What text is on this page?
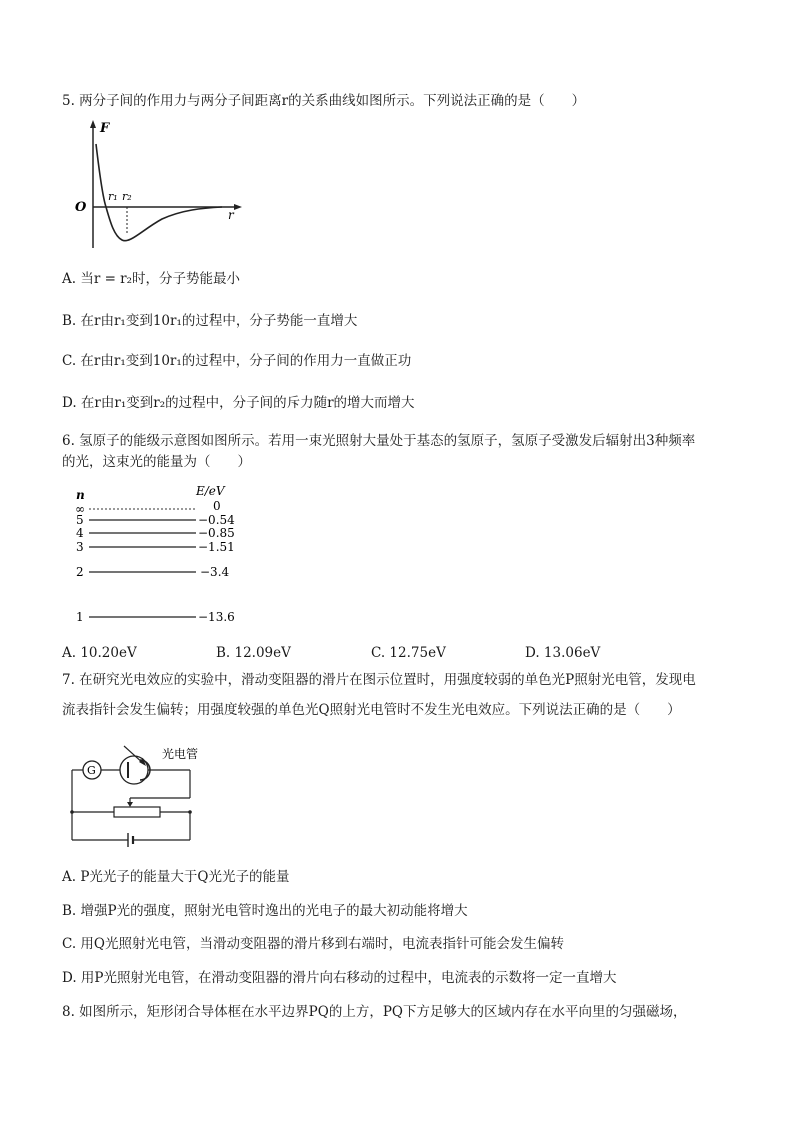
5. 两分子间的作用力与两分子间距离r的关系曲线如图所示。下列说法正确的是（　　）
F
r
O
r₁ r₂
A. 当r = r₂时，分子势能最小
B. 在r由r₁变到10r₁的过程中，分子势能一直增大
C. 在r由r₁变到10r₁的过程中，分子间的作用力一直做正功
D. 在r由r₁变到r₂的过程中，分子间的斥力随r的增大而增大
6. 氢原子的能级示意图如图所示。若用一束光照射大量处于基态的氢原子，氢原子受激发后辐射出3种频率
的光，这束光的能量为（　　）
n	E/eV
∞	0
5	−0.54
4	−0.85
3	−1.51
2	−3.4
1	−13.6
A. 10.20eV	B. 12.09eV	C. 12.75eV	D. 13.06eV
7. 在研究光电效应的实验中，滑动变阻器的滑片在图示位置时，用强度较弱的单色光P照射光电管，发现电
流表指针会发生偏转；用强度较强的单色光Q照射光电管时不发生光电效应。下列说法正确的是（　　）
G
光电管
A. P光光子的能量大于Q光光子的能量
B. 增强P光的强度，照射光电管时逸出的光电子的最大初动能将增大
C. 用Q光照射光电管，当滑动变阻器的滑片移到右端时，电流表指针可能会发生偏转
D. 用P光照射光电管，在滑动变阻器的滑片向右移动的过程中，电流表的示数将一定一直增大
8. 如图所示，矩形闭合导体框在水平边界PQ的上方，PQ下方足够大的区域内存在水平向里的匀强磁场，
